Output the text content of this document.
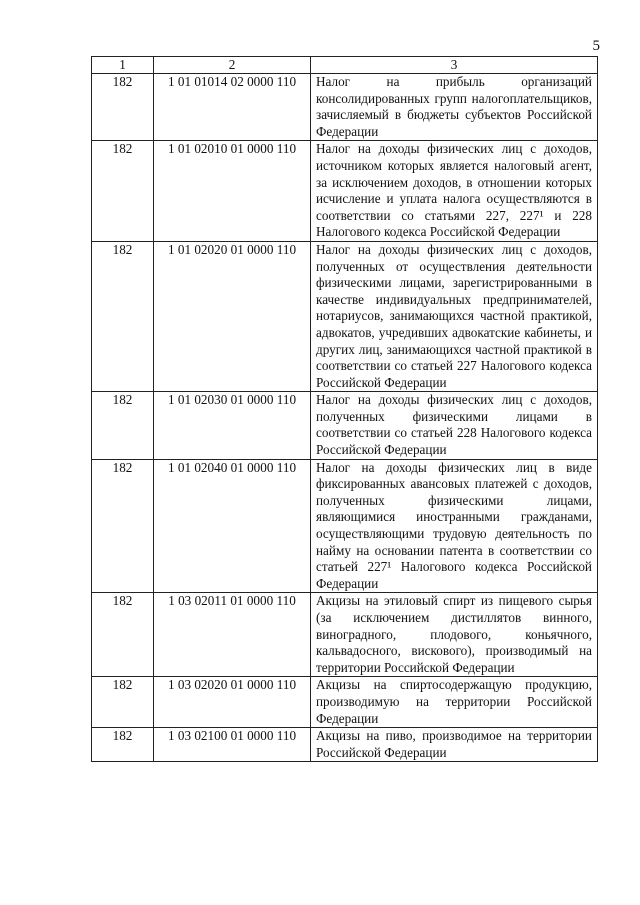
5
1	2	3
182	1 01 01014 02 0000 110	Налог на прибыль организаций консолидированных групп налогоплательщиков, зачисляемый в бюджеты субъектов Российской Федерации
182	1 01 02010 01 0000 110	Налог на доходы физических лиц с доходов, источником которых является налоговый агент, за исключением доходов, в отношении которых исчисление и уплата налога осуществляются в соответствии со статьями 227, 227¹ и 228 Налогового кодекса Российской Федерации
182	1 01 02020 01 0000 110	Налог на доходы физических лиц с доходов, полученных от осуществления деятельности физическими лицами, зарегистрированными в качестве индивидуальных предпринимателей, нотариусов, занимающихся частной практикой, адвокатов, учредивших адвокатские кабинеты, и других лиц, занимающихся частной практикой в соответствии со статьей 227 Налогового кодекса Российской Федерации
182	1 01 02030 01 0000 110	Налог на доходы физических лиц с доходов, полученных физическими лицами в соответствии со статьей 228 Налогового кодекса Российской Федерации
182	1 01 02040 01 0000 110	Налог на доходы физических лиц в виде фиксированных авансовых платежей с доходов, полученных физическими лицами, являющимися иностранными гражданами, осуществляющими трудовую деятельность по найму на основании патента в соответствии со статьей 227¹ Налогового кодекса Российской Федерации
182	1 03 02011 01 0000 110	Акцизы на этиловый спирт из пищевого сырья (за исключением дистиллятов винного, виноградного, плодового, коньячного, кальвадосного, вискового), производимый на территории Российской Федерации
182	1 03 02020 01 0000 110	Акцизы на спиртосодержащую продукцию, производимую на территории Российской Федерации
182	1 03 02100 01 0000 110	Акцизы на пиво, производимое на территории Российской Федерации
